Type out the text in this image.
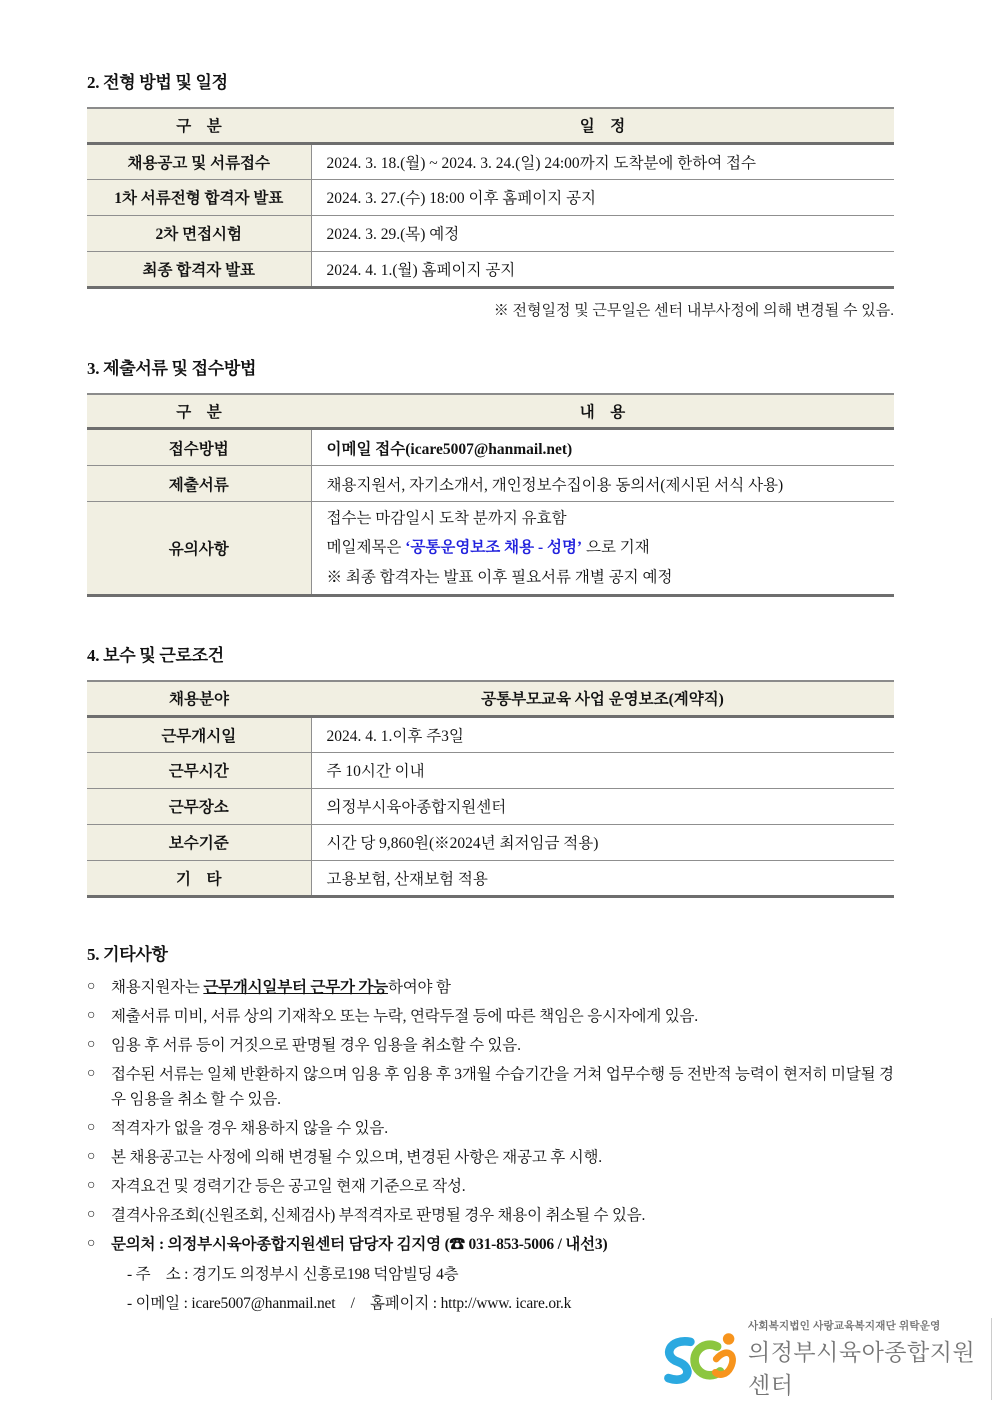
2. 전형 방법 및 일정
구　분	일　정
채용공고 및 서류접수	2024. 3. 18.(월) ~ 2024. 3. 24.(일) 24:00까지 도착분에 한하여 접수
1차 서류전형 합격자 발표	2024. 3. 27.(수) 18:00 이후 홈페이지 공지
2차 면접시험	2024. 3. 29.(목) 예정
최종 합격자 발표	2024. 4. 1.(월) 홈페이지 공지
※ 전형일정 및 근무일은 센터 내부사정에 의해 변경될 수 있음.
3. 제출서류 및 접수방법
구　분	내　용
접수방법	이메일 접수(icare5007@hanmail.net)
제출서류	채용지원서, 자기소개서, 개인정보수집이용 동의서(제시된 서식 사용)
유의사항	접수는 마감일시 도착 분까지 유효함
메일제목은 ‘공통운영보조 채용 - 성명’ 으로 기재
※ 최종 합격자는 발표 이후 필요서류 개별 공지 예정
4. 보수 및 근로조건
채용분야	공통부모교육 사업 운영보조(계약직)
근무개시일	2024. 4. 1.이후 주3일
근무시간	주 10시간 이내
근무장소	의정부시육아종합지원센터
보수기준	시간 당 9,860원(※2024년 최저임금 적용)
기　타	고용보험, 산재보험 적용
5. 기타사항
○	채용지원자는 근무개시일부터 근무가 가능하여야 함
○	제출서류 미비, 서류 상의 기재착오 또는 누락, 연락두절 등에 따른 책임은 응시자에게 있음.
○	임용 후 서류 등이 거짓으로 판명될 경우 임용을 취소할 수 있음.
○	접수된 서류는 일체 반환하지 않으며 임용 후 임용 후 3개월 수습기간을 거쳐 업무수행 등 전반적 능력이 현저히 미달될 경우 임용을 취소 할 수 있음.
○	적격자가 없을 경우 채용하지 않을 수 있음.
○	본 채용공고는 사정에 의해 변경될 수 있으며, 변경된 사항은 재공고 후 시행.
○	자격요건 및 경력기간 등은 공고일 현재 기준으로 작성.
○	결격사유조회(신원조회, 신체검사) 부적격자로 판명될 경우 채용이 취소될 수 있음.
○	문의처 : 의정부시육아종합지원센터 담당자 김지영 (☎ 031-853-5006 / 내선3)
- 주　소 : 경기도 의정부시 신흥로198 덕암빌딩 4층
- 이메일 : icare5007@hanmail.net　/　홈페이지 : http://www. icare.or.k
사회복지법인 사랑교육복지재단 위탁운영
의정부시육아종합지원센터
